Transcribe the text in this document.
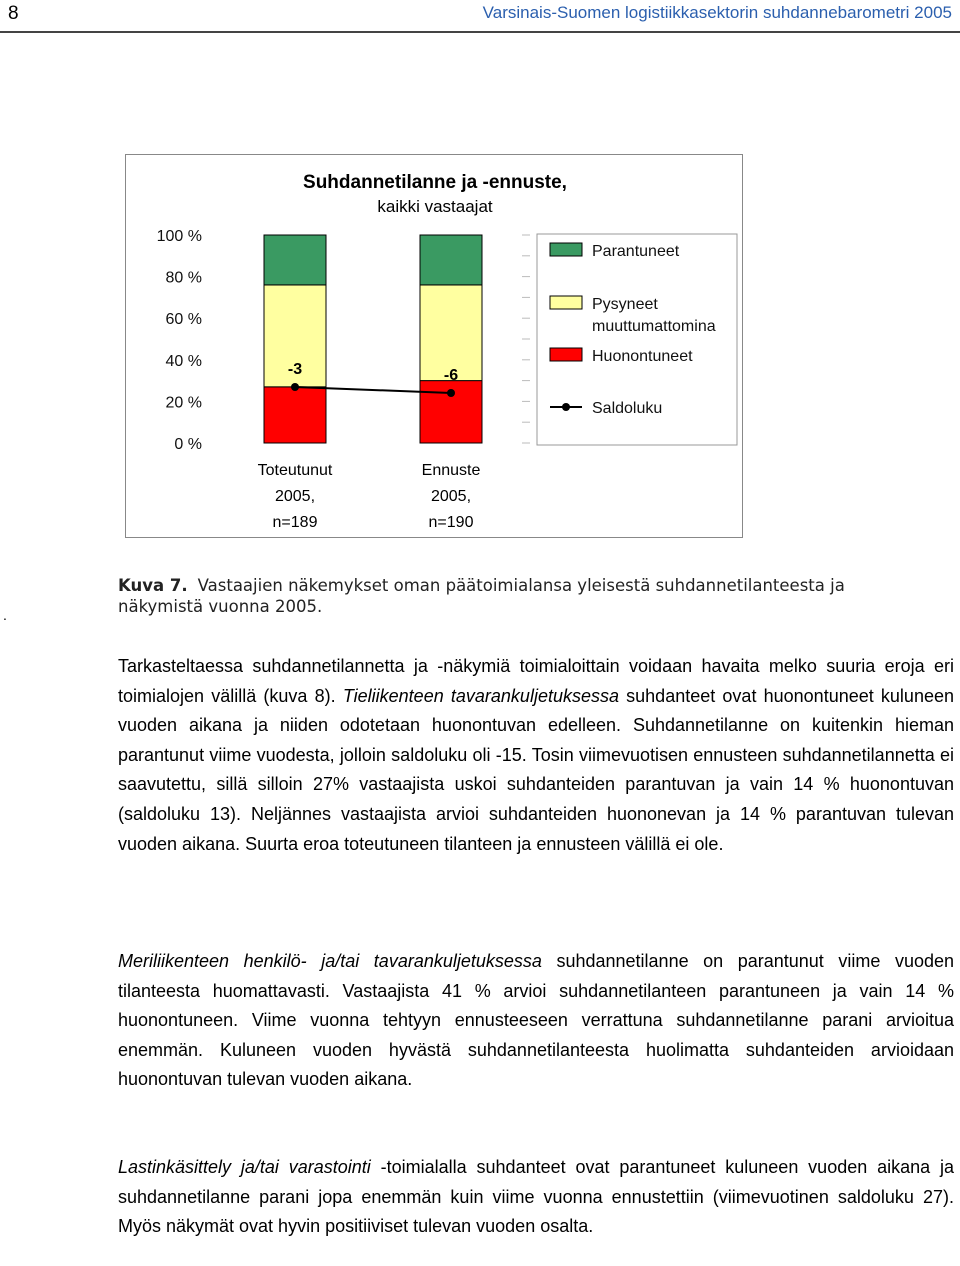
8	Varsinais-Suomen logistiikkasektorin suhdannebarometri 2005
Suhdannetilanne ja -ennuste,
kaikki vastaajat
100 %
80 %
60 %
40 %
20 %
0 %
Toteutunut
2005,
n=189
Ennuste
2005,
n=190
-3	-6
Parantuneet
Pysyneet
muuttumattomina
Huonontuneet
Saldoluku
Kuva 7. Vastaajien näkemykset oman päätoimialansa yleisestä suhdannetilanteesta ja näkymistä vuonna 2005.
.

Tarkasteltaessa suhdannetilannetta ja -näkymiä toimialoittain voidaan havaita melko suuria eroja eri toimialojen välillä (kuva 8). Tieliikenteen tavarankuljetuksessa suhdanteet ovat huonontuneet kuluneen vuoden aikana ja niiden odotetaan huonontuvan edelleen. Suhdannetilanne on kuitenkin hieman parantunut viime vuodesta, jolloin saldoluku oli -15. Tosin viimevuotisen ennusteen suhdannetilannetta ei saavutettu, sillä silloin 27% vastaajista uskoi suhdanteiden parantuvan ja vain 14 % huonontuvan (saldoluku 13). Neljännes vastaajista arvioi suhdanteiden huononevan ja 14 % parantuvan tulevan vuoden aikana. Suurta eroa toteutuneen tilanteen ja ennusteen välillä ei ole.

Meriliikenteen henkilö- ja/tai tavarankuljetuksessa suhdannetilanne on parantunut viime vuoden tilanteesta huomattavasti. Vastaajista 41 % arvioi suhdannetilanteen parantuneen ja vain 14 % huonontuneen. Viime vuonna tehtyyn ennusteeseen verrattuna suhdannetilanne parani arvioitua enemmän. Kuluneen vuoden hyvästä suhdannetilanteesta huolimatta suhdanteiden arvioidaan huonontuvan tulevan vuoden aikana.

Lastinkäsittely ja/tai varastointi -toimialalla suhdanteet ovat parantuneet kuluneen vuoden aikana ja suhdannetilanne parani jopa enemmän kuin viime vuonna ennustettiin (viimevuotinen saldoluku 27). Myös näkymät ovat hyvin positiiviset tulevan vuoden osalta.
